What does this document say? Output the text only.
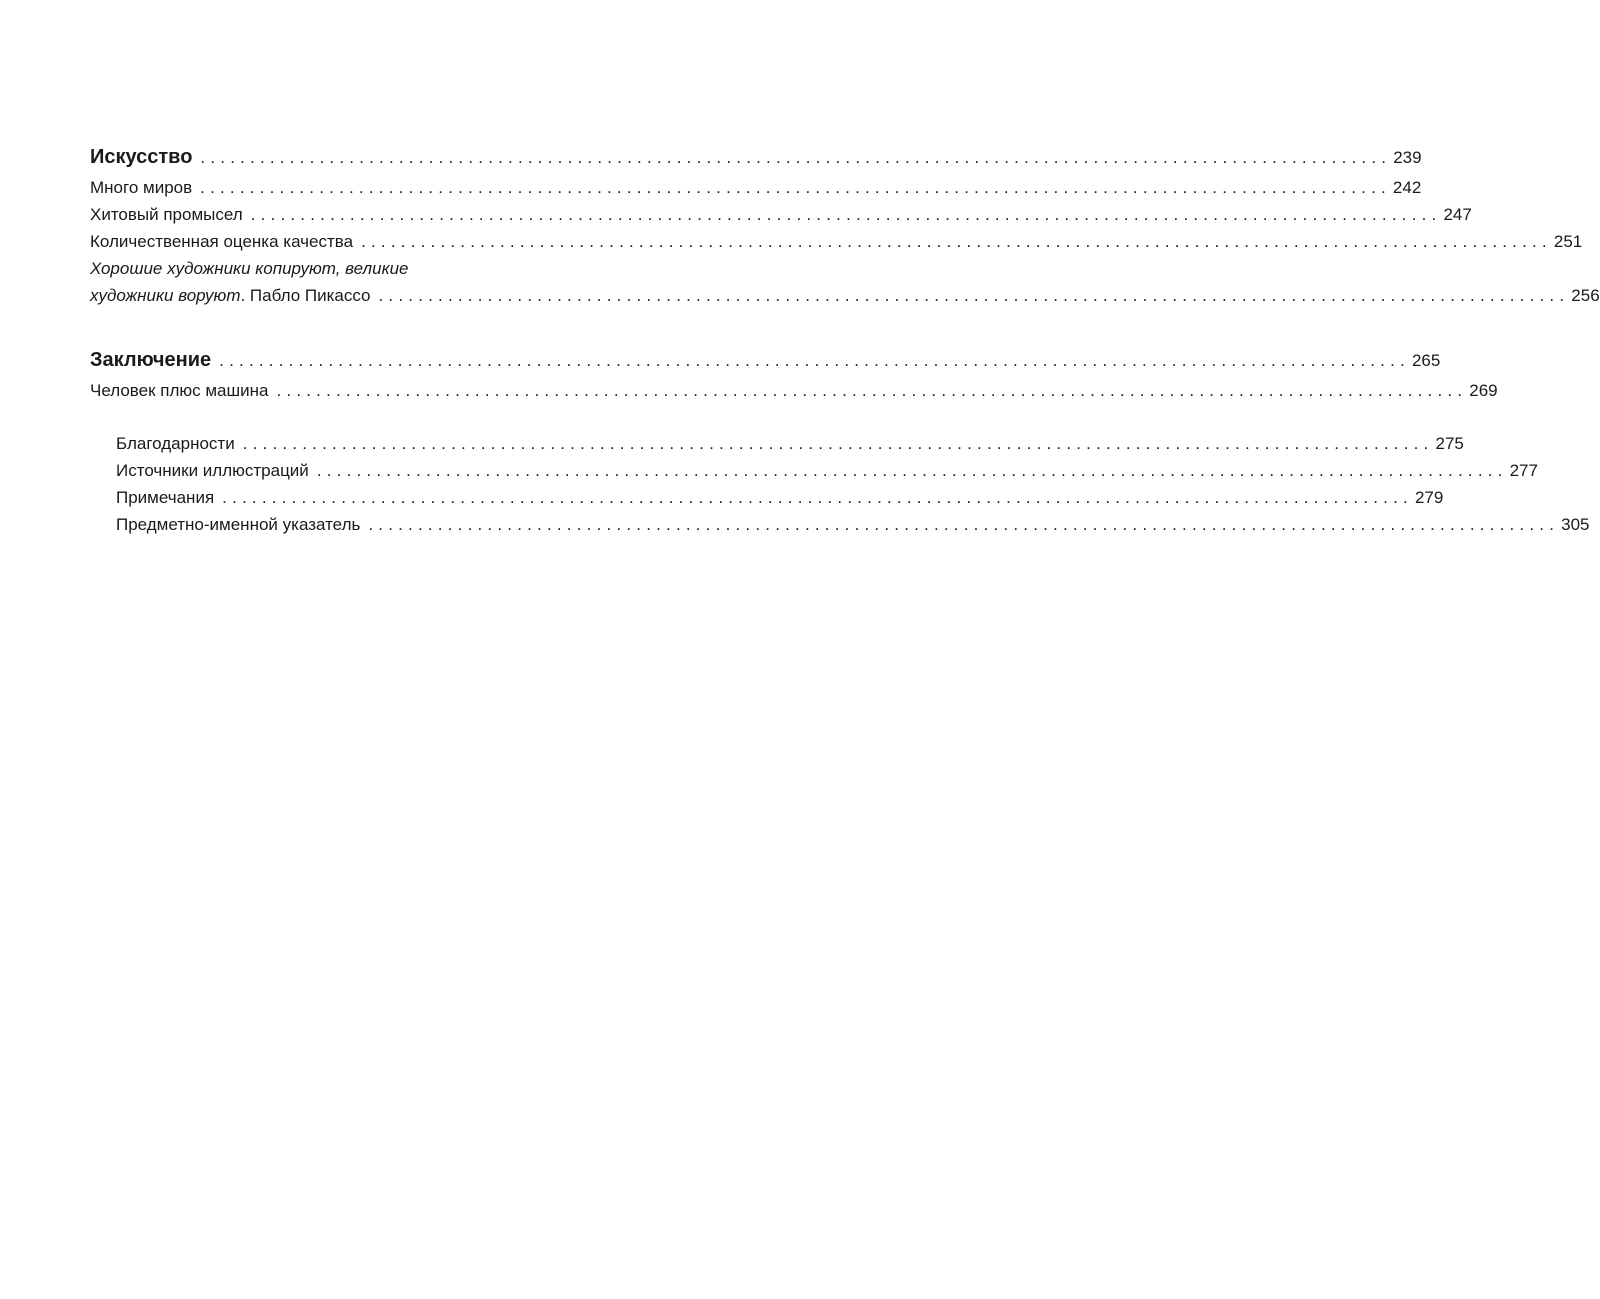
Искусство ........................................................................................................................ 239
Много миров ........................................................................................................................ 242
Хитовый промысел ........................................................................................................................ 247
Количественная оценка качества ........................................................................................................................ 251
Хорошие художники копируют, великие
художники воруют. Пабло Пикассо ........................................................................................................................ 256
Заключение ........................................................................................................................ 265
Человек плюс машина ........................................................................................................................ 269
Благодарности ........................................................................................................................ 275
Источники иллюстраций ........................................................................................................................ 277
Примечания ........................................................................................................................ 279
Предметно-именной указатель ........................................................................................................................ 305
